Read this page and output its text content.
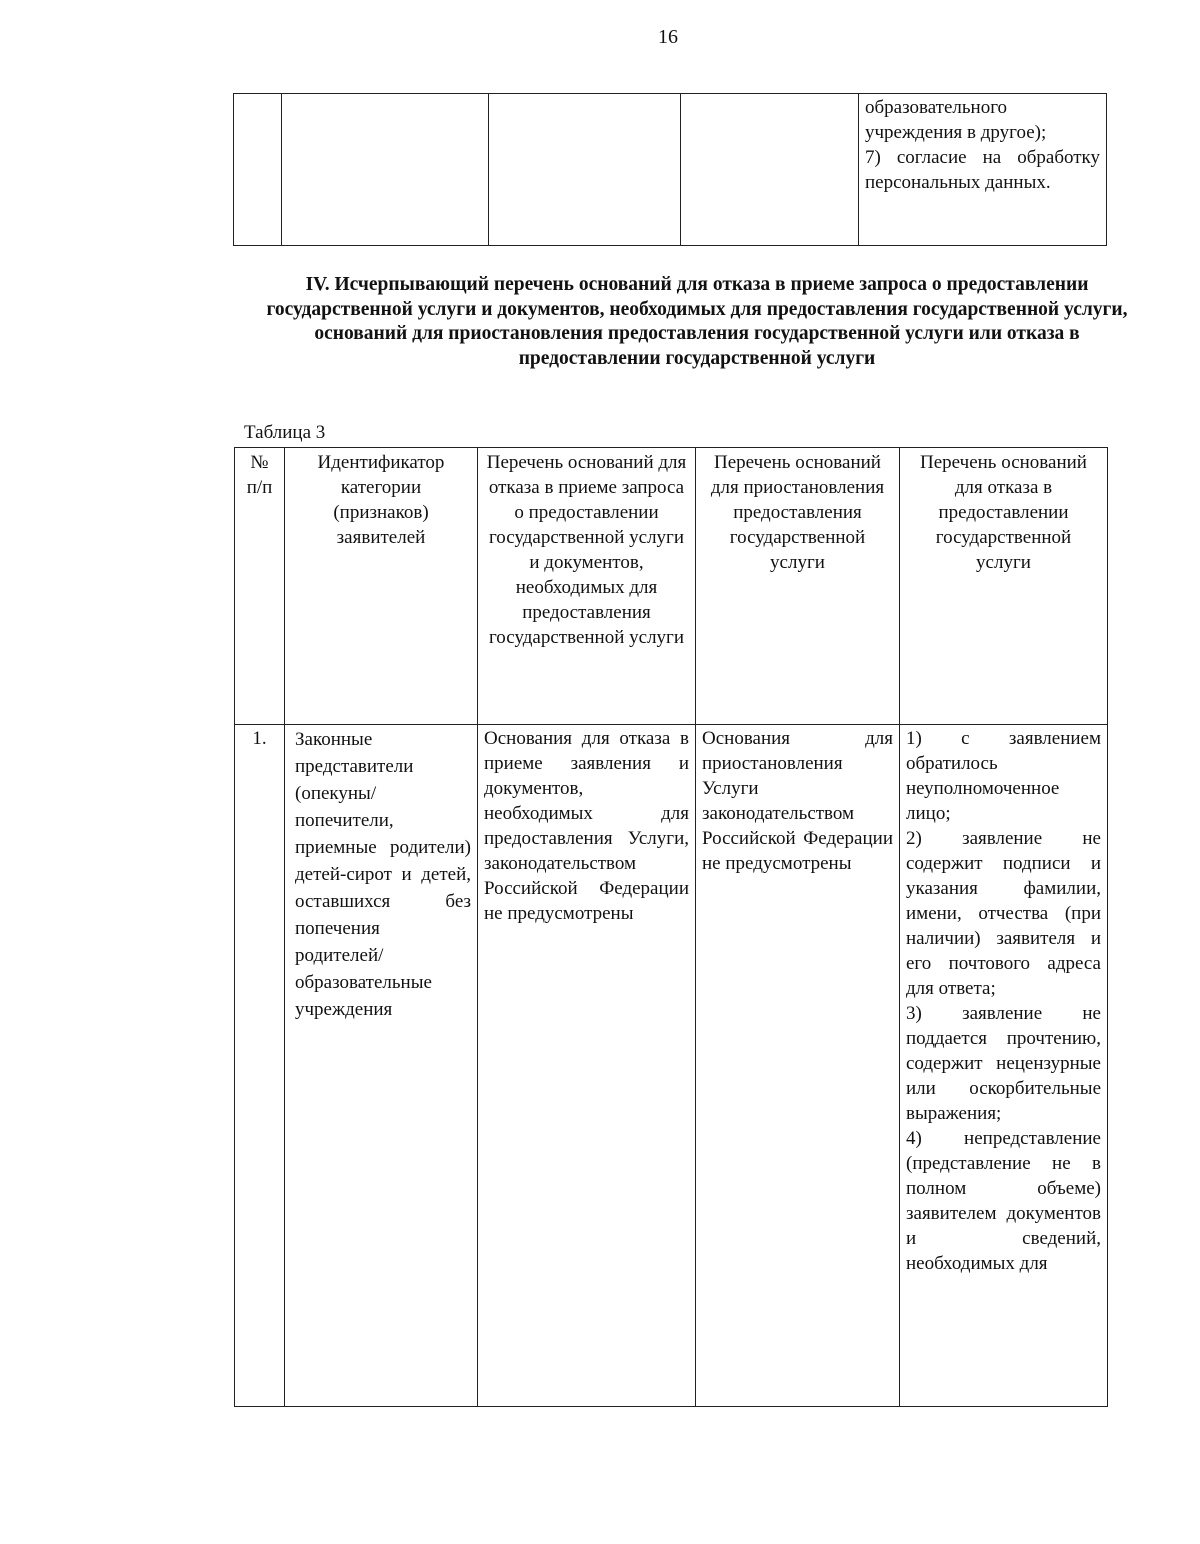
16

образовательного
учреждения в другое);
7) согласие на обработку персональных данных.
IV. Исчерпывающий перечень оснований для отказа в приеме запроса о предоставлении государственной услуги и документов, необходимых для предоставления государственной услуги, оснований для приостановления предоставления государственной услуги или отказа в предоставлении государственной услуги
Таблица 3
№ п/п	Идентификатор категории (признаков) заявителей	Перечень оснований для отказа в приеме запроса о предоставлении государственной услуги и документов, необходимых для предоставления государственной услуги	Перечень оснований для приостановления предоставления государственной услуги	Перечень оснований для отказа в предоставлении государственной услуги
1.	Законные представители (опекуны/попечители, приемные родители) детей-сирот и детей, оставшихся без попечения родителей/образовательные учреждения	Основания для отказа в приеме заявления и документов, необходимых для предоставления Услуги, законодательством Российской Федерации не предусмотрены	Основания для приостановления Услуги законодательством Российской Федерации не предусмотрены	1) с заявлением обратилось неуполномоченное лицо;
2) заявление не содержит подписи и указания фамилии, имени, отчества (при наличии) заявителя и его почтового адреса для ответа;
3) заявление не поддается прочтению, содержит нецензурные или оскорбительные выражения;
4) непредставление (представление не в полном объеме) заявителем документов и сведений, необходимых для
